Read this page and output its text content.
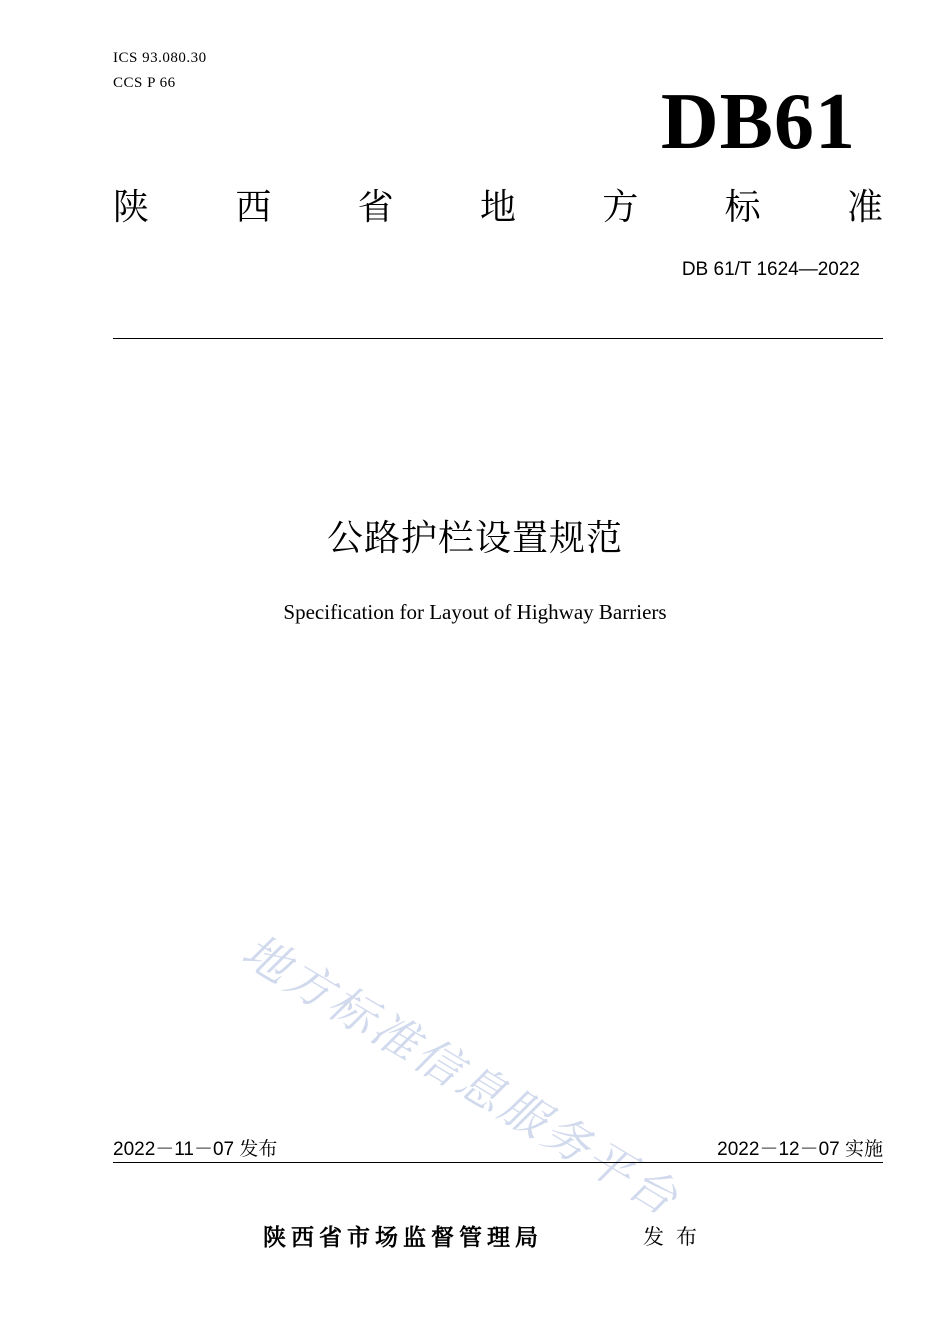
ICS 93.080.30
CCS P 66	DB61
陕 西 省 地 方 标 准
DB 61/T 1624—2022
公路护栏设置规范
Specification for Layout of Highway Barriers
地方标准信息服务平台
2022－11－07 发布	2022－12－07 实施
陕西省市场监督管理局	发布
